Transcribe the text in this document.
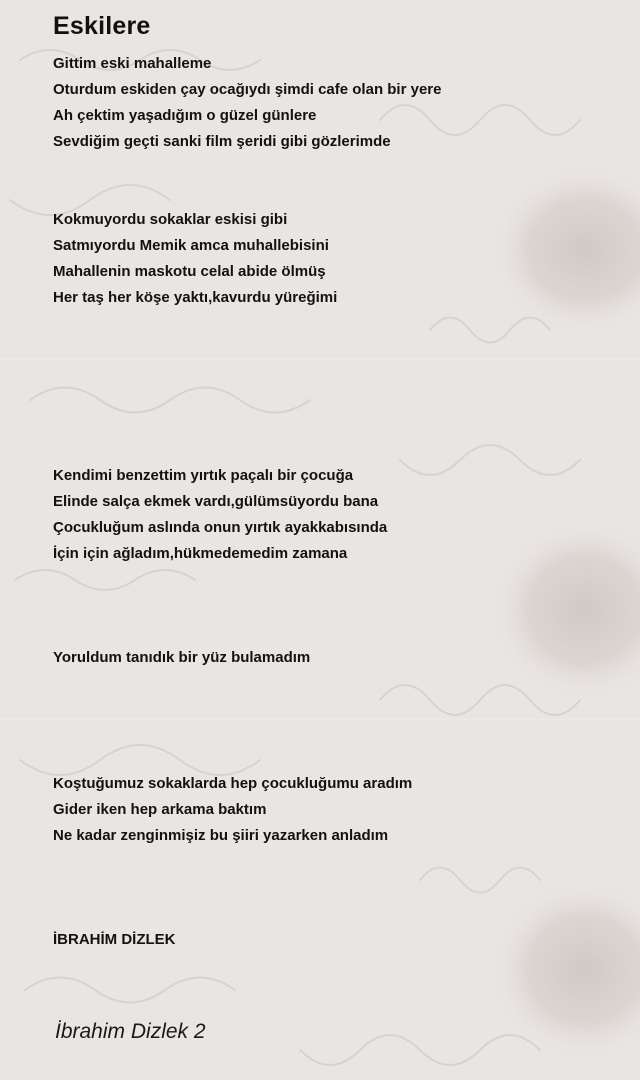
Eskilere

Gittim eski mahalleme

Oturdum eskiden çay ocağıydı şimdi cafe olan bir yere

Ah çektim yaşadığım o güzel günlere

Sevdiğim geçti sanki film şeridi gibi gözlerimde

Kokmuyordu sokaklar eskisi gibi

Satmıyordu Memik amca muhallebisini

Mahallenin maskotu celal abide ölmüş

Her taş her köşe yaktı,kavurdu yüreğimi

Kendimi benzettim yırtık paçalı bir çocuğa

Elinde salça ekmek vardı,gülümsüyordu bana

Çocukluğum aslında onun yırtık ayakkabısında

İçin için ağladım,hükmedemedim zamana

Yoruldum tanıdık bir yüz bulamadım

Koştuğumuz sokaklarda hep çocukluğumu aradım

Gider iken hep arkama baktım

Ne kadar zenginmişiz bu şiiri yazarken anladım

İBRAHİM DİZLEK

İbrahim Dizlek 2
